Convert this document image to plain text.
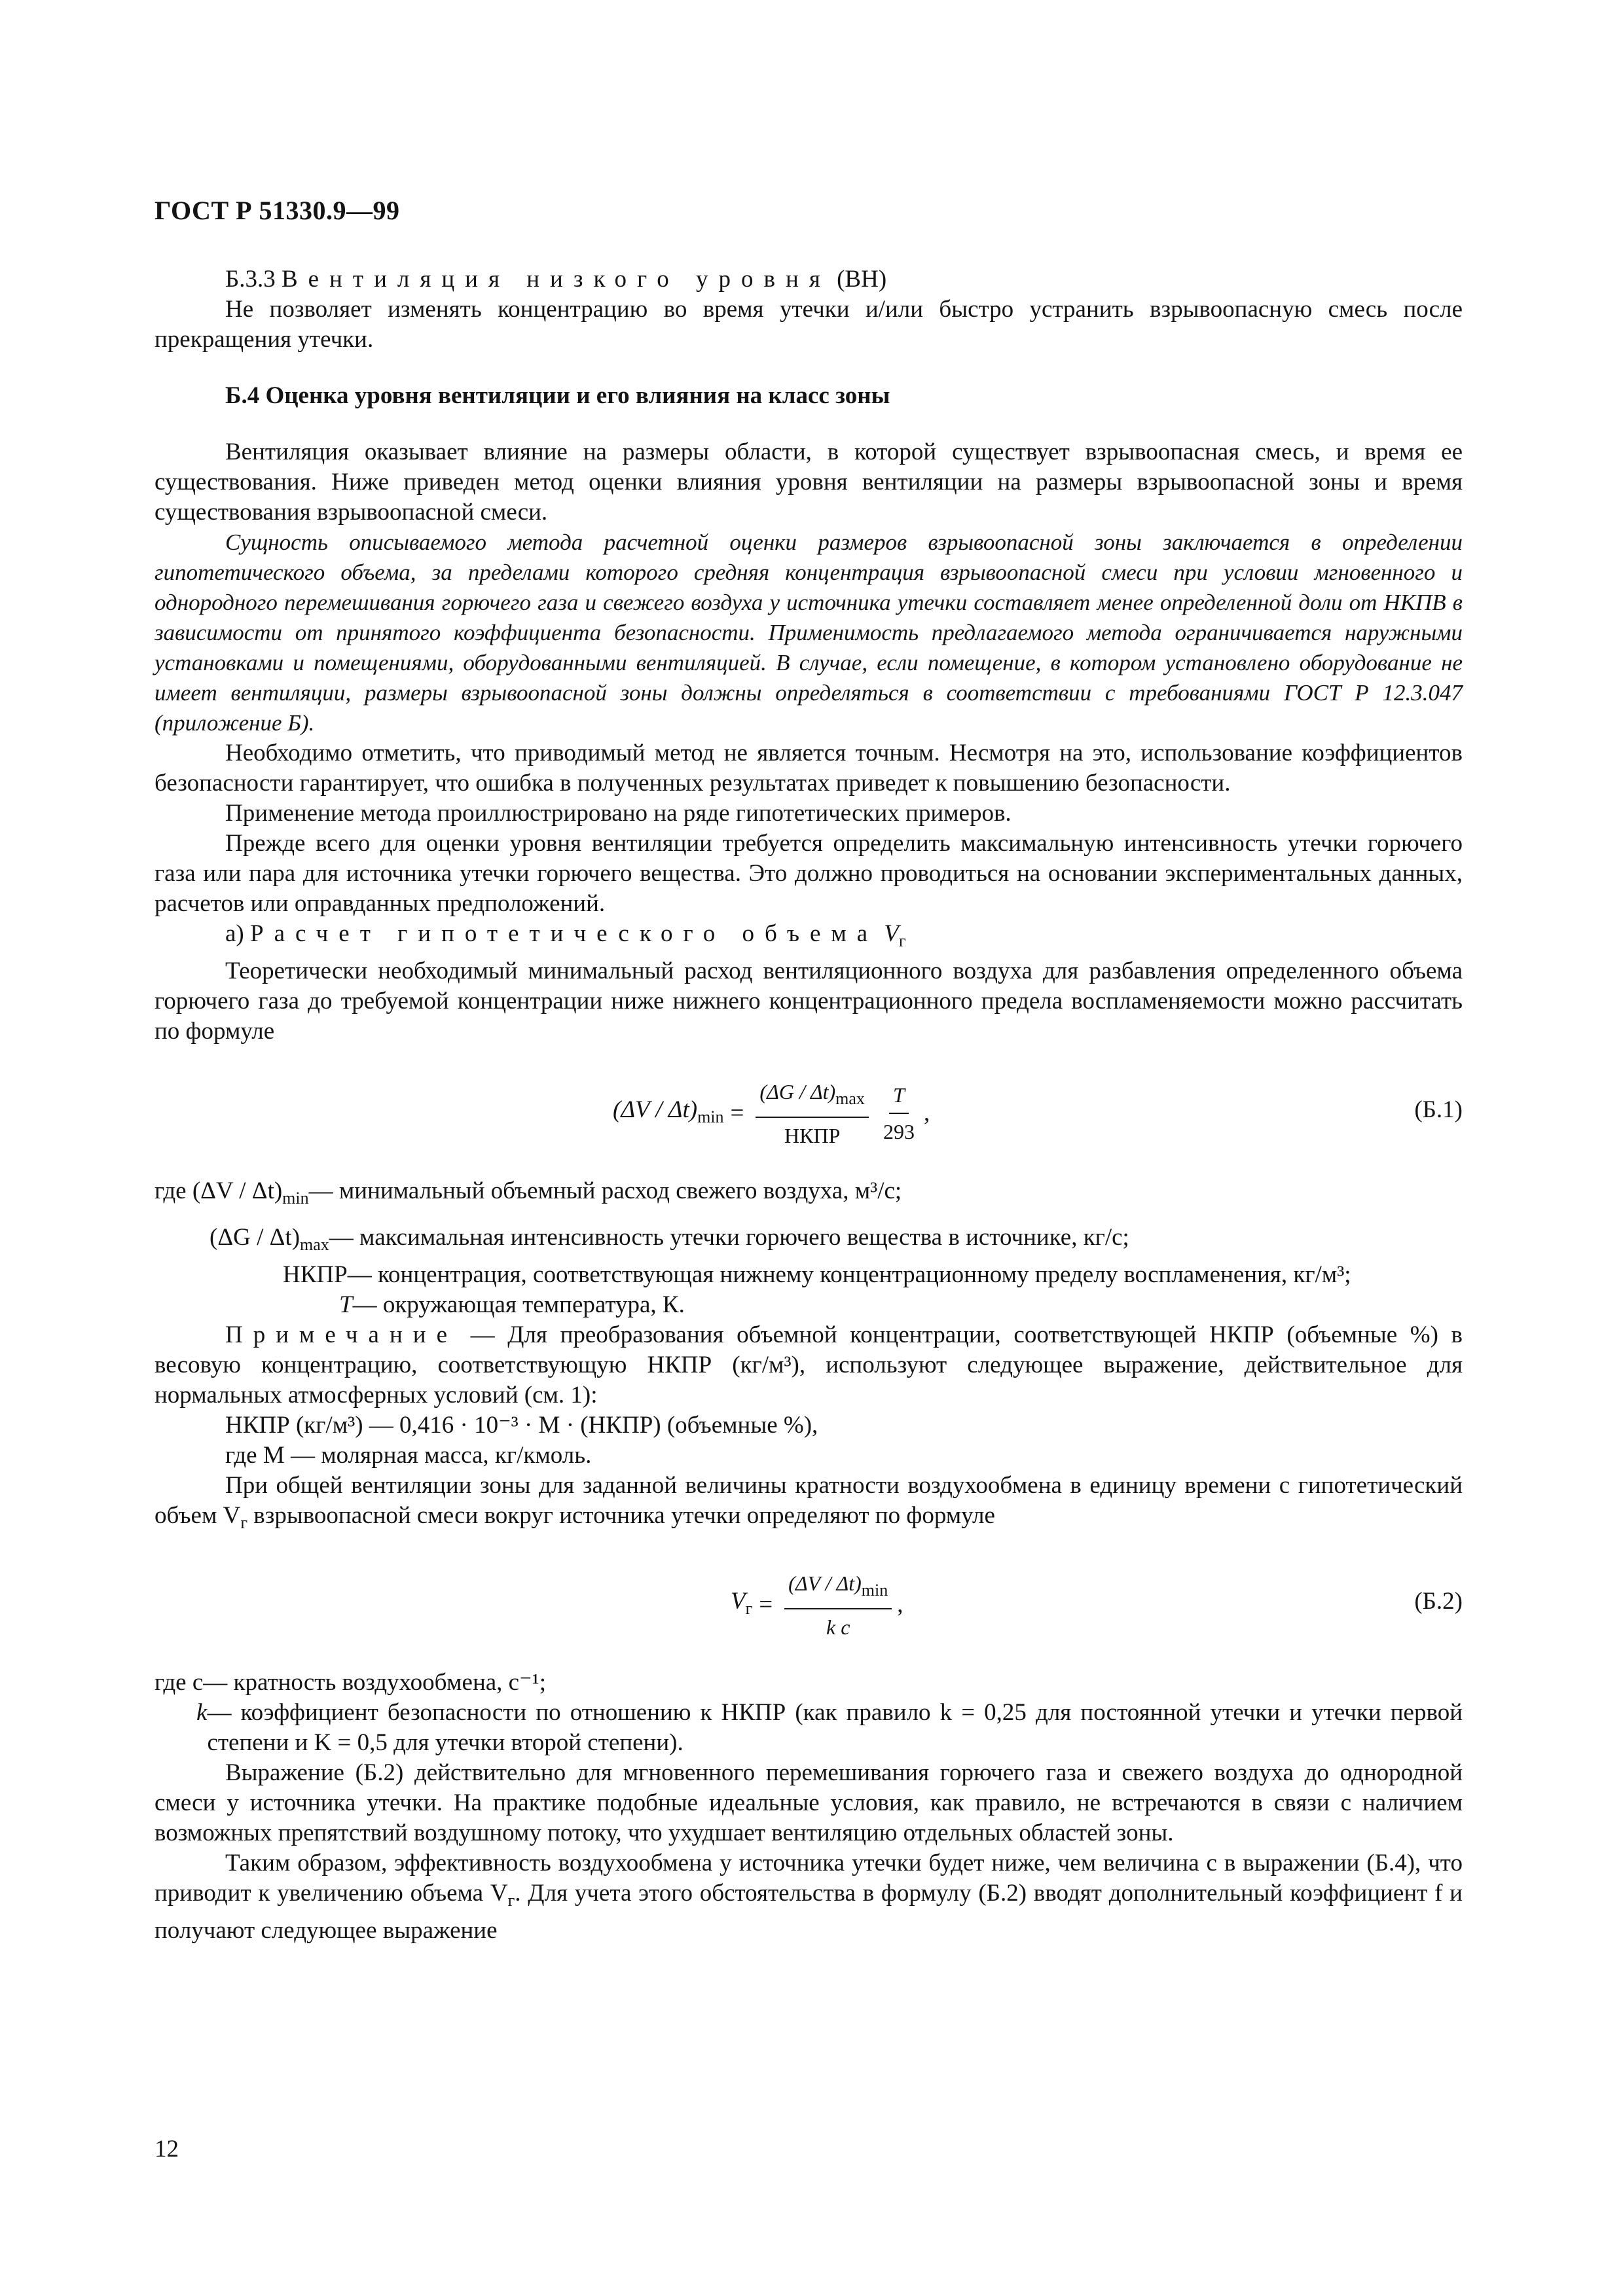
ГОСТ Р 51330.9—99

Б.3.3 Вентиляция низкого уровня (ВН)

Не позволяет изменять концентрацию во время утечки и/или быстро устранить взрывоопасную смесь после прекращения утечки.

Б.4 Оценка уровня вентиляции и его влияния на класс зоны

Вентиляция оказывает влияние на размеры области, в которой существует взрывоопасная смесь, и время ее существования. Ниже приведен метод оценки влияния уровня вентиляции на размеры взрывоопасной зоны и время существования взрывоопасной смеси.

Сущность описываемого метода расчетной оценки размеров взрывоопасной зоны заключается в определении гипотетического объема, за пределами которого средняя концентрация взрывоопасной смеси при условии мгновенного и однородного перемешивания горючего газа и свежего воздуха у источника утечки составляет менее определенной доли от НКПВ в зависимости от принятого коэффициента безопасности. Применимость предлагаемого метода ограничивается наружными установками и помещениями, оборудованными вентиляцией. В случае, если помещение, в котором установлено оборудование не имеет вентиляции, размеры взрывоопасной зоны должны определяться в соответствии с требованиями ГОСТ Р 12.3.047 (приложение Б).

Необходимо отметить, что приводимый метод не является точным. Несмотря на это, использование коэффициентов безопасности гарантирует, что ошибка в полученных результатах приведет к повышению безопасности.

Применение метода проиллюстрировано на ряде гипотетических примеров.

Прежде всего для оценки уровня вентиляции требуется определить максимальную интенсивность утечки горючего газа или пара для источника утечки горючего вещества. Это должно проводиться на основании экспериментальных данных, расчетов или оправданных предположений.

а) Расчет гипотетического объема $V_г$

Теоретически необходимый минимальный расход вентиляционного воздуха для разбавления определенного объема горючего газа до требуемой концентрации ниже нижнего концентрационного предела воспламеняемости можно рассчитать по формуле

$(\Delta V / \Delta t)_{min} = \frac{(\Delta G / \Delta t)_{max}}{\text{НКПР}} \frac{T}{293}$ ,	(Б.1)
где $(\Delta V / \Delta t)_{min}$ — минимальный объемный расход свежего воздуха, м³/с;
$(\Delta G / \Delta t)_{max}$ — максимальная интенсивность утечки горючего вещества в источнике, кг/с;
НКПР — концентрация, соответствующая нижнему концентрационному пределу воспламенения, кг/м³;
T — окружающая температура, К.

Примечание — Для преобразования объемной концентрации, соответствующей НКПР (объемные %) в весовую концентрацию, соответствующую НКПР (кг/м³), используют следующее выражение, действительное для нормальных атмосферных условий (см. 1):

НКПР (кг/м³) — 0,416 · 10⁻³ · М · (НКПР) (объемные %),

где М — молярная масса, кг/кмоль.

При общей вентиляции зоны для заданной величины кратности воздухообмена в единицу времени c гипотетический объем $V_г$ взрывоопасной смеси вокруг источника утечки определяют по формуле

$V_г = \frac{(\Delta V / \Delta t)_{min}}{\text{k c}}$ ,	(Б.2)
где c — кратность воздухообмена, с⁻¹;
k — коэффициент безопасности по отношению к НКПР (как правило k = 0,25 для постоянной утечки и утечки первой степени и K = 0,5 для утечки второй степени).

Выражение (Б.2) действительно для мгновенного перемешивания горючего газа и свежего воздуха до однородной смеси у источника утечки. На практике подобные идеальные условия, как правило, не встречаются в связи с наличием возможных препятствий воздушному потоку, что ухудшает вентиляцию отдельных областей зоны.

Таким образом, эффективность воздухообмена у источника утечки будет ниже, чем величина c в выражении (Б.4), что приводит к увеличению объема $V_г$. Для учета этого обстоятельства в формулу (Б.2) вводят дополнительный коэффициент f и получают следующее выражение

12
